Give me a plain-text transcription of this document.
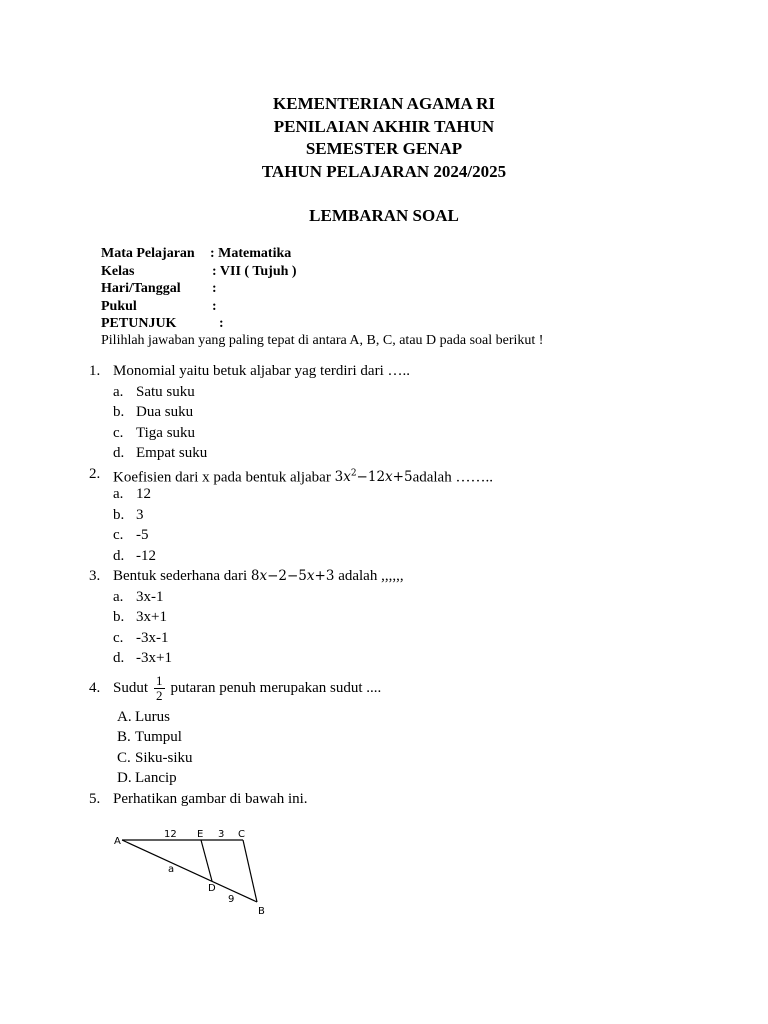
KEMENTERIAN AGAMA RI
PENILAIAN AKHIR TAHUN
SEMESTER GENAP
TAHUN PELAJARAN 2024/2025
LEMBARAN SOAL
Mata Pelajaran : Matematika
Kelas	: VII ( Tujuh )
Hari/Tanggal :
Pukul	:
PETUNJUK	:
Pilihlah jawaban yang paling tepat di antara A, B, C, atau D pada soal berikut !
1. Monomial yaitu betuk aljabar yag terdiri dari …..
a. Satu suku
b. Dua suku
c. Tiga suku
d. Empat suku
2. Koefisien dari x pada bentuk aljabar $3x^2-12x+5adalah$ ……..
a. 12
b. 3
c. -5
d. -12
3. Bentuk sederhana dari 8x−2−5x+3 adalah ,,,,,,
a. 3x-1
b. 3x+1
c. -3x-1
d. -3x+1
4. Sudut $\frac{1}{2}$ putaran penuh merupakan sudut ....
A. Lurus
B. Tumpul
C. Siku-siku
D. Lancip
5. Perhatikan gambar di bawah ini.
A
12 E 3 C
a
D
9
B
